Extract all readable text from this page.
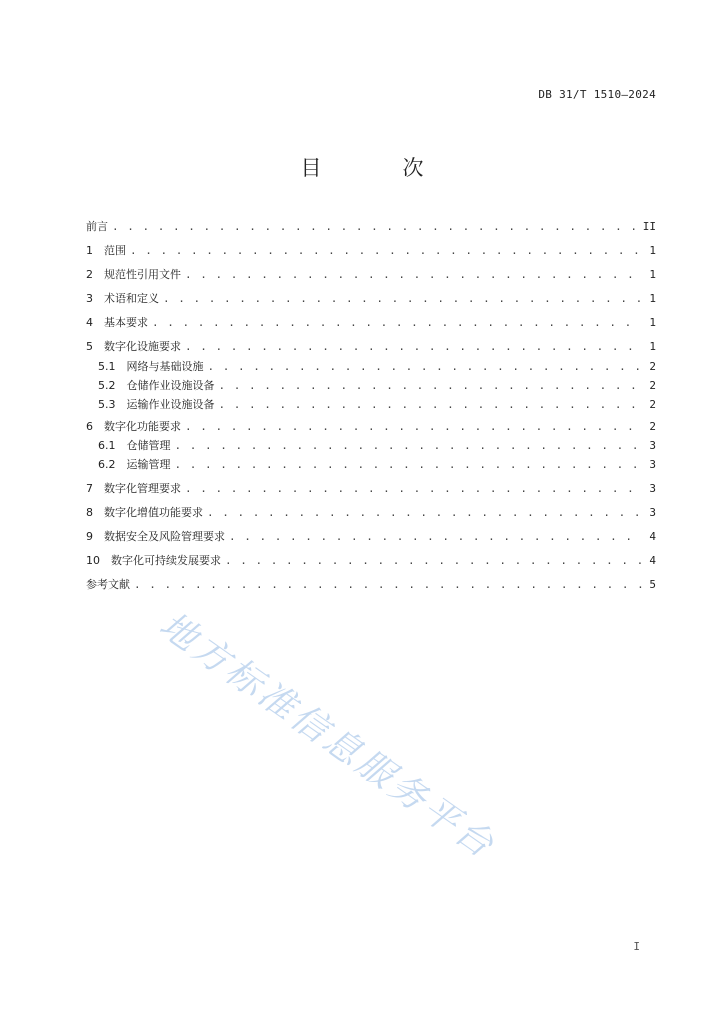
DB 31/T 1510—2024
目　次
前言 . . .	II
1　 范围 . . .	1
2　 规范性引用文件 . . .	1
3　 术语和定义 . . .	1
4　 基本要求 . . .	1
5　 数字化设施要求 . . .	1
5.1　 网络与基础设施 . . .	2
5.2　 仓储作业设施设备 . . .	2
5.3　 运输作业设施设备 . . .	2
6　 数字化功能要求 . . .	2
6.1　 仓储管理 . . .	3
6.2　 运输管理 . . .	3
7　 数字化管理要求 . . .	3
8　 数字化增值功能要求 . . .	3
9　 数据安全及风险管理要求 . . .	4
10　 数字化可持续发展要求 . . .	4
参考文献 . . .	5
地方标准信息服务平台
I
